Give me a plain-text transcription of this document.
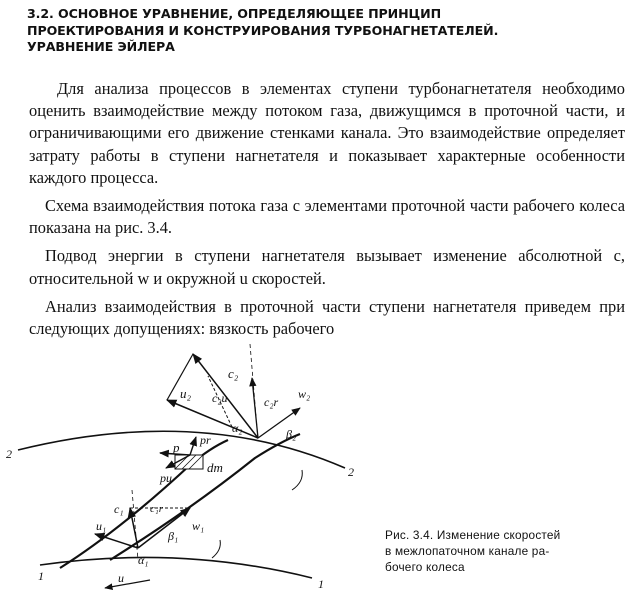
3.2. ОСНОВНОЕ УРАВНЕНИЕ, ОПРЕДЕЛЯЮЩЕЕ ПРИНЦИП
ПРОЕКТИРОВАНИЯ И КОНСТРУИРОВАНИЯ ТУРБОНАГНЕТАТЕЛЕЙ.
УРАВНЕНИЕ ЭЙЛЕРА

Для анализа процессов в элементах ступени турбонагнетателя необходимо оценить взаимодействие между потоком газа, движущимся в проточной части, и ограничивающими его движение стенками канала. Это взаимодействие определяет затрату работы в ступени нагнетателя и показывает характерные особенности каждого процесса.

Схема взаимодействия потока газа с элементами проточной части рабочего колеса показана на рис. 3.4.

Подвод энергии в ступени нагнетателя вызывает изменение абсолютной c, относительной w и окружной u скоростей.

Анализ взаимодействия в проточной части ступени нагнетателя приведем при следующих допущениях: вязкость рабочего

c₂
u₂ c₂u
α₂
c₂r
w₂
β₂
p pr
pu
dm
c₁
u₁
c₁r
w₁
α₁
β₁
1
1
2
2
u
Рис. 3.4. Изменение скоростей
в межлопаточном канале ра-
бочего колеса
